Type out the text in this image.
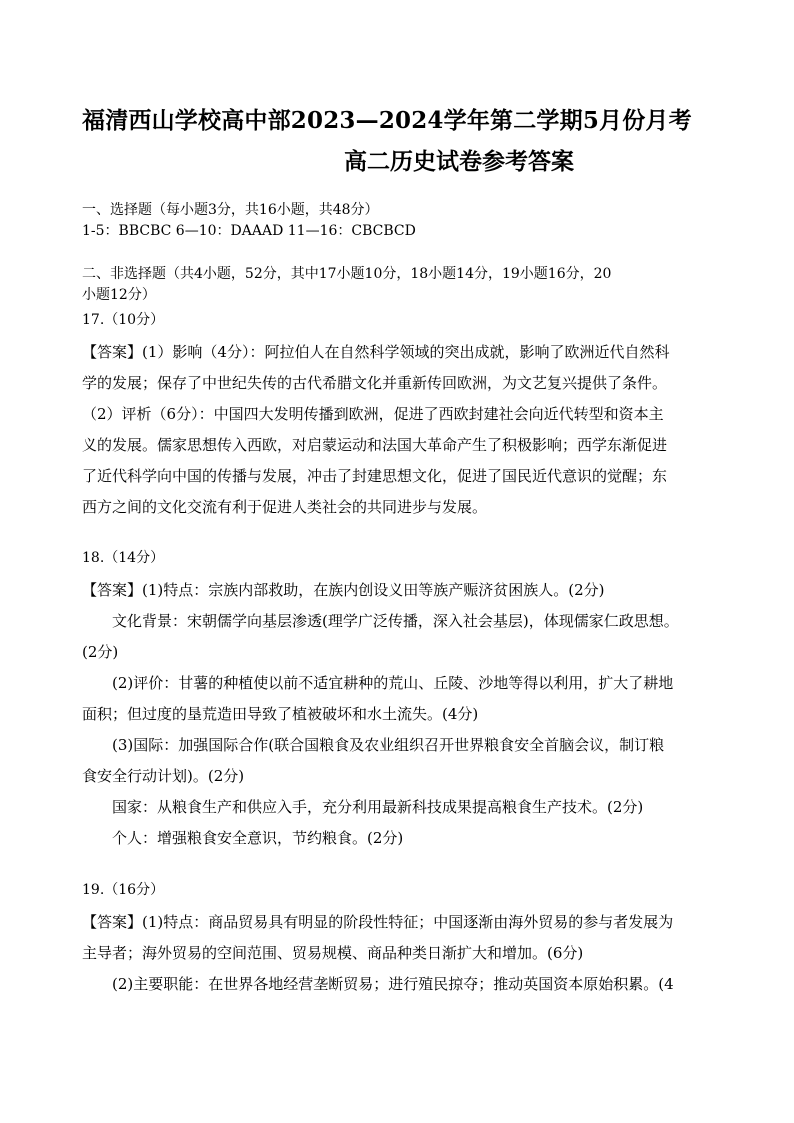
福清西山学校高中部2023—2024学年第二学期5月份月考
高二历史试卷参考答案
一、选择题（每小题3分，共16小题，共48分）
1-5：BBCBC 6—10：DAAAD 11—16：CBCBCD
二、非选择题（共4小题，52分，其中17小题10分，18小题14分，19小题16分，20
小题12分）
17.（10分）
【答案】(1）影响（4分）：阿拉伯人在自然科学领域的突出成就，影响了欧洲近代自然科
学的发展；保存了中世纪失传的古代希腊文化并重新传回欧洲，为文艺复兴提供了条件。
（2）评析（6分）：中国四大发明传播到欧洲，促进了西欧封建社会向近代转型和资本主
义的发展。儒家思想传入西欧，对启蒙运动和法国大革命产生了积极影响；西学东渐促进
了近代科学向中国的传播与发展，冲击了封建思想文化，促进了国民近代意识的觉醒；东
西方之间的文化交流有利于促进人类社会的共同进步与发展。
18.（14分）
【答案】(1)特点：宗族内部救助，在族内创设义田等族产赈济贫困族人。(2分)
文化背景：宋朝儒学向基层渗透(理学广泛传播，深入社会基层)，体现儒家仁政思想。
(2分)
(2)评价：甘薯的种植使以前不适宜耕种的荒山、丘陵、沙地等得以利用，扩大了耕地
面积；但过度的垦荒造田导致了植被破坏和水土流失。(4分)
(3)国际：加强国际合作(联合国粮食及农业组织召开世界粮食安全首脑会议，制订粮
食安全行动计划)。(2分)
国家：从粮食生产和供应入手，充分利用最新科技成果提高粮食生产技术。(2分)
个人：增强粮食安全意识，节约粮食。(2分)
19.（16分）
【答案】(1)特点：商品贸易具有明显的阶段性特征；中国逐渐由海外贸易的参与者发展为
主导者；海外贸易的空间范围、贸易规模、商品种类日渐扩大和增加。(6分)
(2)主要职能：在世界各地经营垄断贸易；进行殖民掠夺；推动英国资本原始积累。(4
